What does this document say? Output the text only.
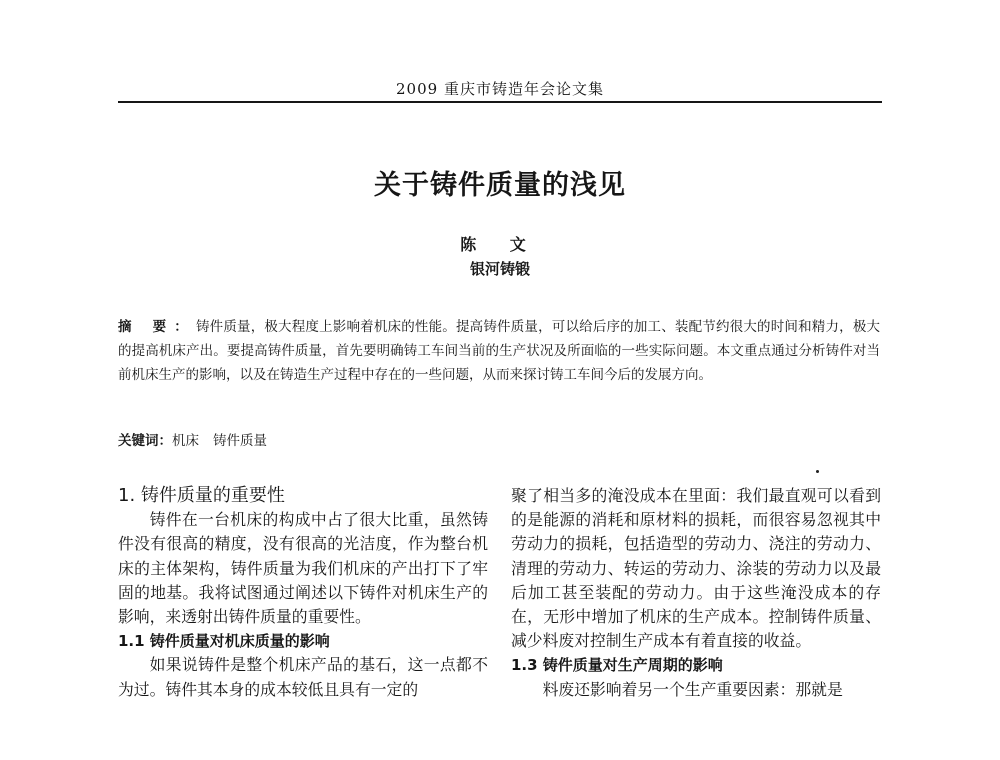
2009 重庆市铸造年会论文集
关于铸件质量的浅见
陈 文
银河铸锻
摘 要：铸件质量，极大程度上影响着机床的性能。提高铸件质量，可以给后序的加工、装配节约很大的时间和精力，极大的提高机床产出。要提高铸件质量，首先要明确铸工车间当前的生产状况及所面临的一些实际问题。本文重点通过分析铸件对当前机床生产的影响，以及在铸造生产过程中存在的一些问题，从而来探讨铸工车间今后的发展方向。
关键词：机床 铸件质量

1. 铸件质量的重要性

铸件在一台机床的构成中占了很大比重，虽然铸件没有很高的精度，没有很高的光洁度，作为整台机床的主体架构，铸件质量为我们机床的产出打下了牢固的地基。我将试图通过阐述以下铸件对机床生产的影响，来透射出铸件质量的重要性。

1.1 铸件质量对机床质量的影响

如果说铸件是整个机床产品的基石，这一点都不为过。铸件其本身的成本较低且具有一定的

聚了相当多的淹没成本在里面：我们最直观可以看到的是能源的消耗和原材料的损耗，而很容易忽视其中劳动力的损耗，包括造型的劳动力、浇注的劳动力、清理的劳动力、转运的劳动力、涂装的劳动力以及最后加工甚至装配的劳动力。由于这些淹没成本的存在，无形中增加了机床的生产成本。控制铸件质量、减少料废对控制生产成本有着直接的收益。

1.3 铸件质量对生产周期的影响

料废还影响着另一个生产重要因素：那就是
